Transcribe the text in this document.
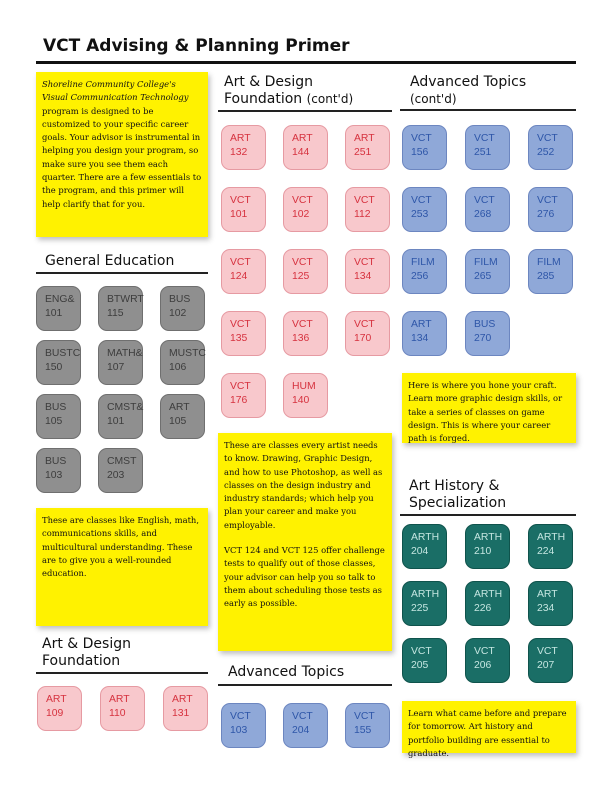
VCT Advising & Planning Primer
Shoreline Community College's
Visual Communication Technology
program is designed to be customized to your specific career goals. Your advisor is instrumental in helping you design your program, so make sure you see them each quarter. There are a few essentials to the program, and this primer will help clarify that for you.
General Education
ENG&
101
BTWRT
115
BUS
102
BUSTC
150
MATH&
107
MUSTC
106
BUS
105
CMST&
101
ART
105
BUS
103
CMST
203
These are classes like English, math, communications skills, and multicultural understanding. These are to give you a well-rounded education.
Art & Design
Foundation
ART
109
ART
110
ART
131
Art & Design
Foundation (cont'd)
ART
132
ART
144
ART
251
VCT
101
VCT
102
VCT
112
VCT
124
VCT
125
VCT
134
VCT
135
VCT
136
VCT
170
VCT
176
HUM
140

These are classes every artist needs to know. Drawing, Graphic Design, and how to use Photoshop, as well as classes on the design industry and industry standards; which help you plan your career and make you employable.

VCT 124 and VCT 125 offer challenge tests to qualify out of those classes, your advisor can help you so talk to them about scheduling those tests as early as possible.

Advanced Topics
VCT
103
VCT
204
VCT
155
Advanced Topics
(cont'd)
VCT
156
VCT
251
VCT
252
VCT
253
VCT
268
VCT
276
FILM
256
FILM
265
FILM
285
ART
134
BUS
270
Here is where you hone your craft. Learn more graphic design skills, or take a series of classes on game design. This is where your career path is forged.
Art History &
Specialization
ARTH
204
ARTH
210
ARTH
224
ARTH
225
ARTH
226
ART
234
VCT
205
VCT
206
VCT
207
Learn what came before and prepare for tomorrow. Art history and portfolio building are essential to graduate.
